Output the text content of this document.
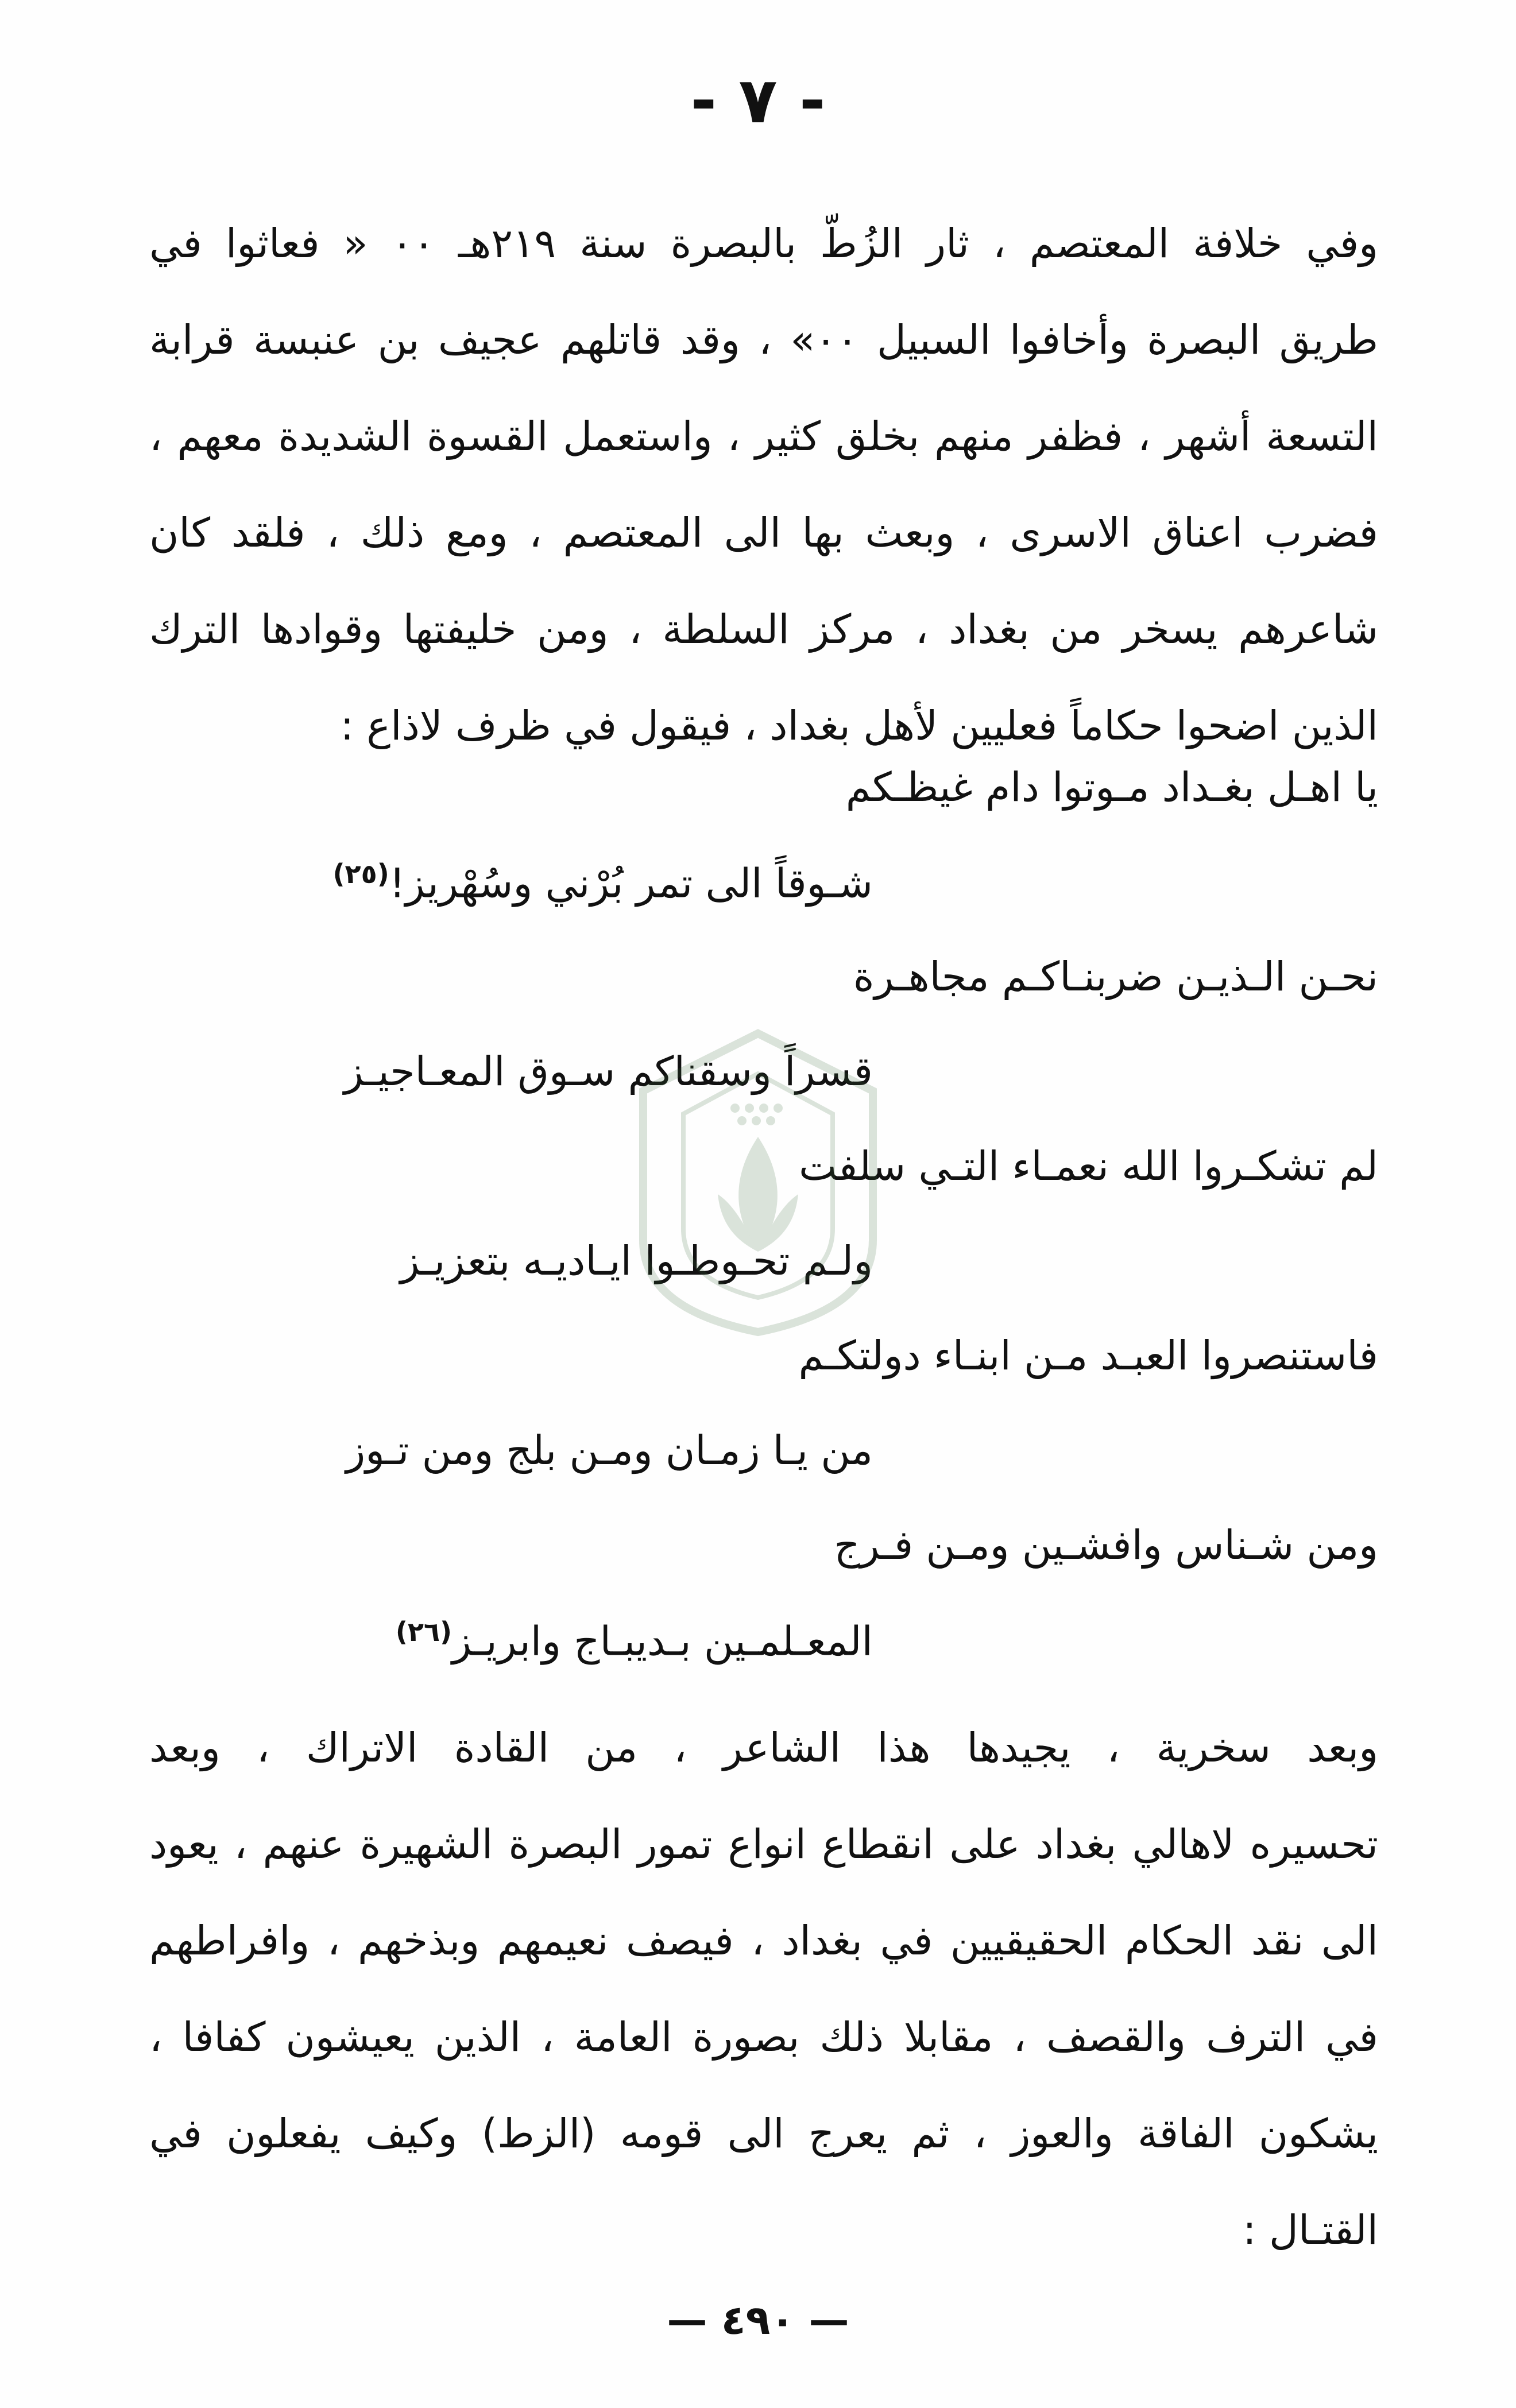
- ٧ -
وفي خلافة المعتصم ، ثار الزُطّ بالبصرة سنة ٢١٩هـ ٠٠ « فعاثوا في
طريق البصرة وأخافوا السبيل ٠٠» ، وقد قاتلهم عجيف بن عنبسة قرابة
التسعة أشهر ، فظفر منهم بخلق كثير ، واستعمل القسوة الشديدة معهم ،
فضرب اعناق الاسرى ، وبعث بها الى المعتصم ، ومع ذلك ، فلقد كان
شاعرهم يسخر من بغداد ، مركز السلطة ، ومن خليفتها وقوادها الترك
الذين اضحوا حكاماً فعليين لأهل بغداد ، فيقول في ظرف لاذاع :
يا اهـل بغـداد مـوتوا دام غيظـكم
شـوقاً الى تمر بُرْني وسُهْريز!$^{(٢٥)}$
نحـن الـذيـن ضربنـاكـم مجاهـرة
قسراً وسقناكم سـوق المعـاجيـز
لم تشكـروا الله نعمـاء التـي سلفت
ولـم تحـوطـوا ايـاديـه بتعزيـز
فاستنصروا العبـد مـن ابنـاء دولتكـم
من يـا زمـان ومـن بلج ومن تـوز
ومن شـناس وافشـين ومـن فـرج
المعـلمـين بـديبـاج وابريـز$^{(٢٦)}$
وبعد سخرية ، يجيدها هذا الشاعر ، من القادة الاتراك ، وبعد
تحسيره لاهالي بغداد على انقطاع انواع تمور البصرة الشهيرة عنهم ، يعود
الى نقد الحكام الحقيقيين في بغداد ، فيصف نعيمهم وبذخهم ، وافراطهم
في الترف والقصف ، مقابلا ذلك بصورة العامة ، الذين يعيشون كفافا ،
يشكون الفاقة والعوز ، ثم يعرج الى قومه (الزط) وكيف يفعلون في
القتـال :
— ٤٩٠ —
